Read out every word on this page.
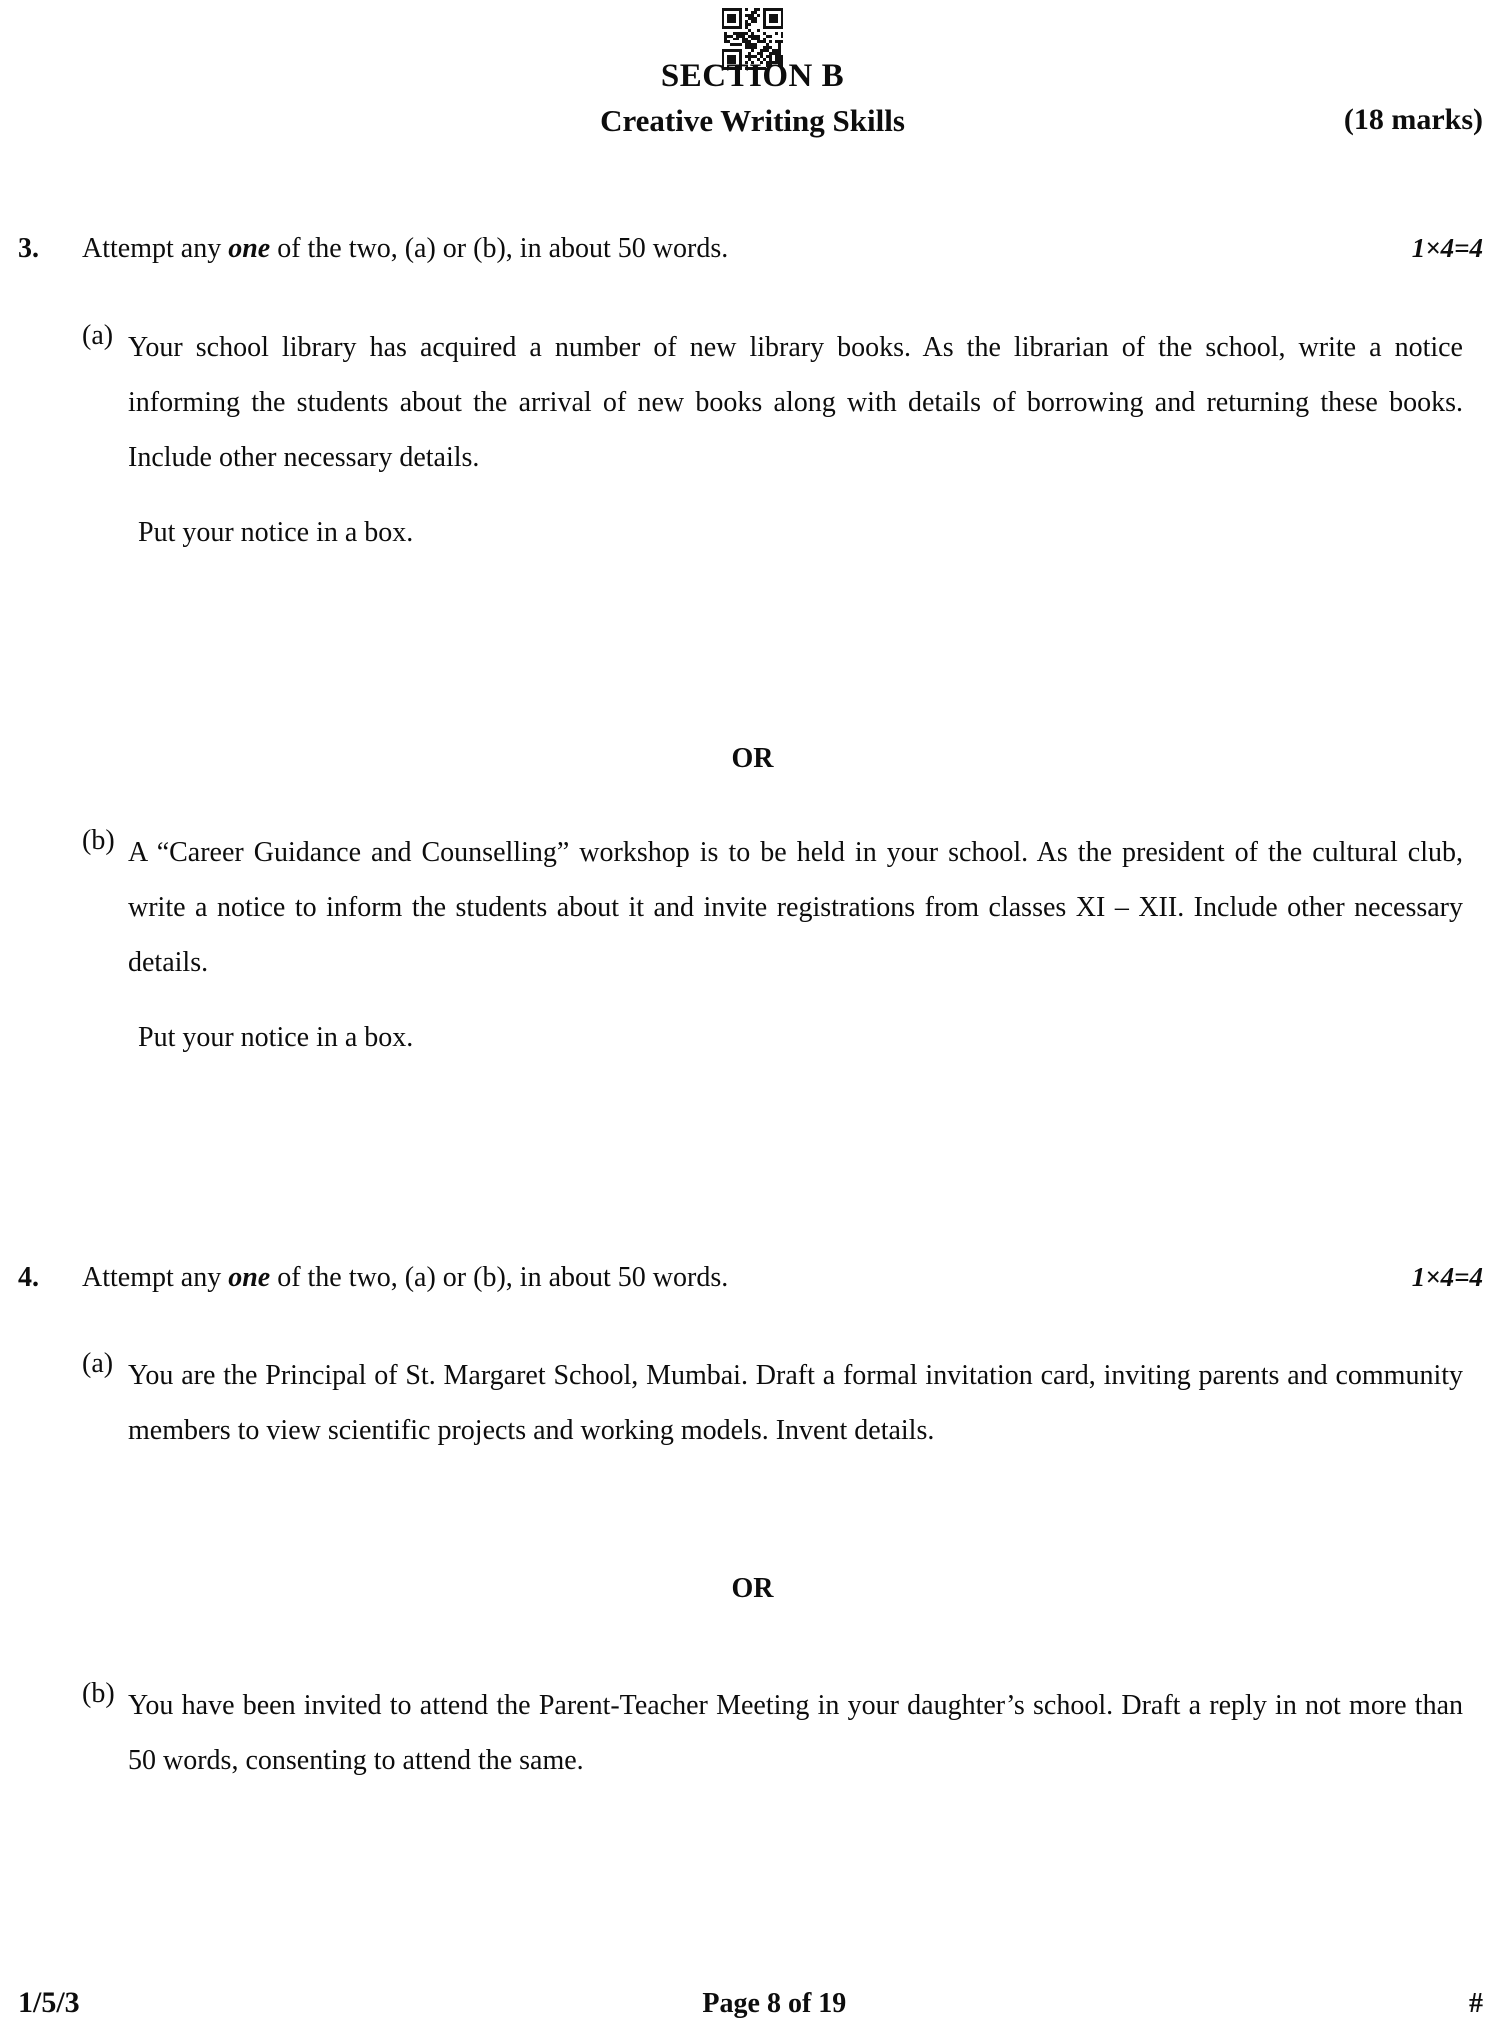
SECTION B
Creative Writing Skills	(18 marks)
3.	Attempt any one of the two, (a) or (b), in about 50 words.	1×4=4
(a) Your school library has acquired a number of new library books. As the librarian of the school, write a notice informing the students about the arrival of new books along with details of borrowing and returning these books. Include other necessary details.

Put your notice in a box.

OR
(b) A “Career Guidance and Counselling” workshop is to be held in your school. As the president of the cultural club, write a notice to inform the students about it and invite registrations from classes XI – XII. Include other necessary details.

Put your notice in a box.

4.	Attempt any one of the two, (a) or (b), in about 50 words.	1×4=4
(a) You are the Principal of St. Margaret School, Mumbai. Draft a formal invitation card, inviting parents and community members to view scientific projects and working models. Invent details.

OR
(b) You have been invited to attend the Parent-Teacher Meeting in your daughter’s school. Draft a reply in not more than 50 words, consenting to attend the same.

1/5/3	Page 8 of 19	#
